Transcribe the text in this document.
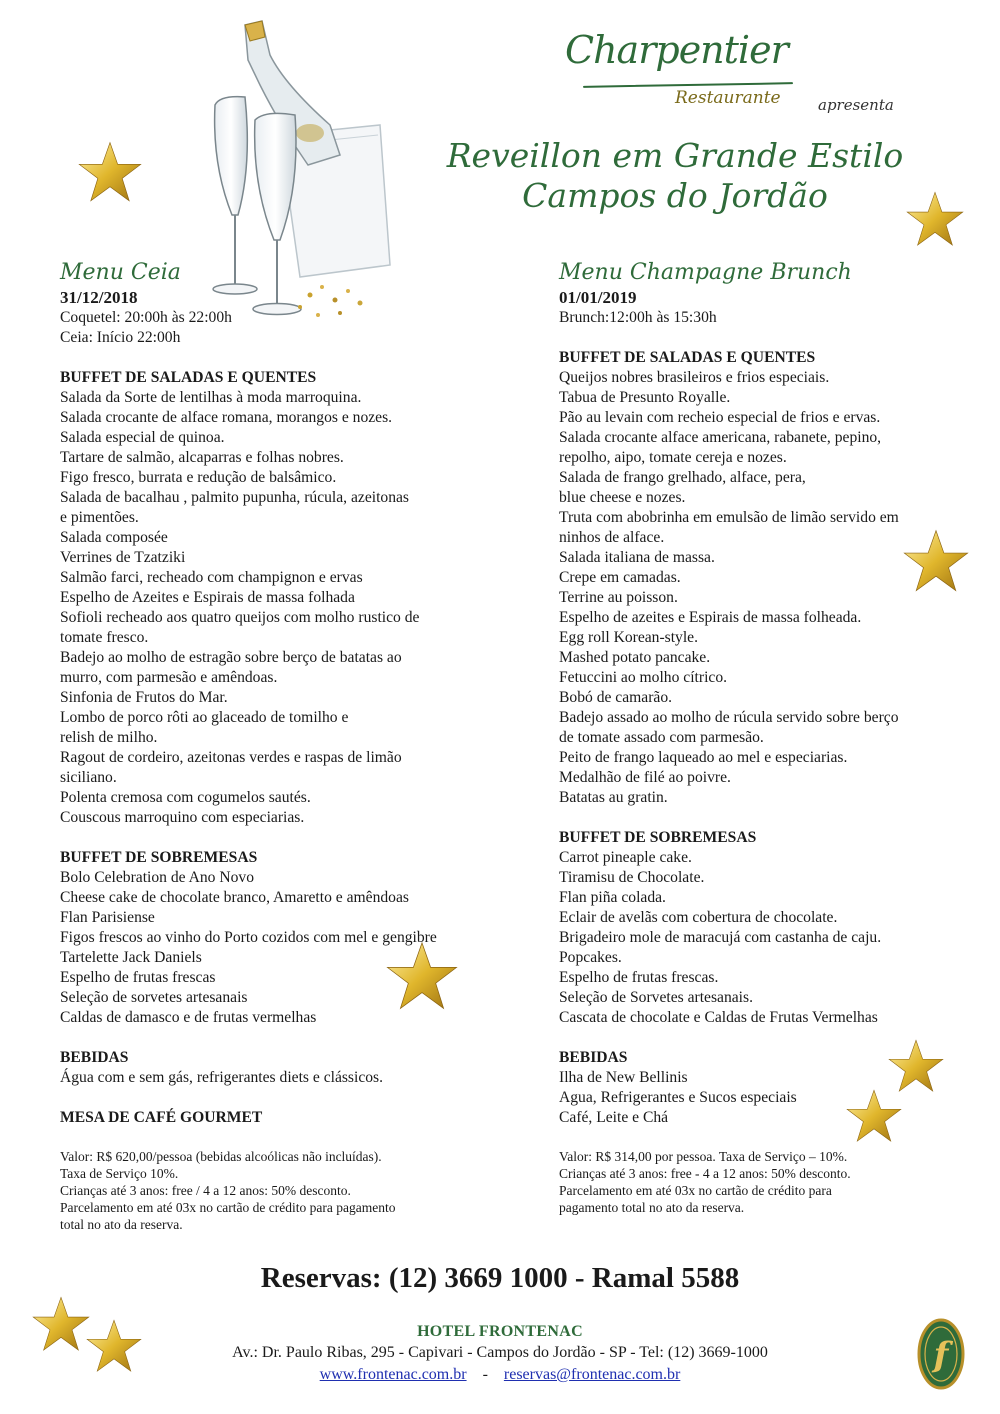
Charpentier
Restaurante apresenta
Reveillon em Grande Estilo
Campos do Jordão
Menu Ceia
31/12/2018
Coquetel: 20:00h às 22:00h
Ceia: Início 22:00h
BUFFET DE SALADAS E QUENTES
Salada da Sorte de lentilhas à moda marroquina.
Salada crocante de alface romana, morangos e nozes.
Salada especial de quinoa.
Tartare de salmão, alcaparras e folhas nobres.
Figo fresco, burrata e redução de balsâmico.
Salada de bacalhau , palmito pupunha, rúcula, azeitonas
e pimentões.
Salada composée
Verrines de Tzatziki
Salmão farci, recheado com champignon e ervas
Espelho de Azeites e Espirais de massa folhada
Sofioli recheado aos quatro queijos com molho rustico de
tomate fresco.
Badejo ao molho de estragão sobre berço de batatas ao
murro, com parmesão e amêndoas.
Sinfonia de Frutos do Mar.
Lombo de porco rôti ao glaceado de tomilho e
relish de milho.
Ragout de cordeiro, azeitonas verdes e raspas de limão
siciliano.
Polenta cremosa com cogumelos sautés.
Couscous marroquino com especiarias.
BUFFET DE SOBREMESAS
Bolo Celebration de Ano Novo
Cheese cake de chocolate branco, Amaretto e amêndoas
Flan Parisiense
Figos frescos ao vinho do Porto cozidos com mel e gengibre
Tartelette Jack Daniels
Espelho de frutas frescas
Seleção de sorvetes artesanais
Caldas de damasco e de frutas vermelhas
BEBIDAS
Água com e sem gás, refrigerantes diets e clássicos.
MESA DE CAFÉ GOURMET
Valor: R$ 620,00/pessoa (bebidas alcoólicas não incluídas).
Taxa de Serviço 10%.
Crianças até 3 anos: free / 4 a 12 anos: 50% desconto.
Parcelamento em até 03x no cartão de crédito para pagamento
total no ato da reserva.
Menu Champagne Brunch
01/01/2019
Brunch:12:00h às 15:30h
BUFFET DE SALADAS E QUENTES
Queijos nobres brasileiros e frios especiais.
Tabua de Presunto Royalle.
Pão au levain com recheio especial de frios e ervas.
Salada crocante alface americana, rabanete, pepino,
repolho, aipo, tomate cereja e nozes.
Salada de frango grelhado, alface, pera,
blue cheese e nozes.
Truta com abobrinha em emulsão de limão servido em
ninhos de alface.
Salada italiana de massa.
Crepe em camadas.
Terrine au poisson.
Espelho de azeites e Espirais de massa folheada.
Egg roll Korean-style.
Mashed potato pancake.
Fetuccini ao molho cítrico.
Bobó de camarão.
Badejo assado ao molho de rúcula servido sobre berço
de tomate assado com parmesão.
Peito de frango laqueado ao mel e especiarias.
Medalhão de filé ao poivre.
Batatas au gratin.
BUFFET DE SOBREMESAS
Carrot pineaple cake.
Tiramisu de Chocolate.
Flan piña colada.
Eclair de avelãs com cobertura de chocolate.
Brigadeiro mole de maracujá com castanha de caju.
Popcakes.
Espelho de frutas frescas.
Seleção de Sorvetes artesanais.
Cascata de chocolate e Caldas de Frutas Vermelhas
BEBIDAS
Ilha de New Bellinis
Agua, Refrigerantes e Sucos especiais
Café, Leite e Chá
Valor: R$ 314,00 por pessoa. Taxa de Serviço – 10%.
Crianças até 3 anos: free - 4 a 12 anos: 50% desconto.
Parcelamento em até 03x no cartão de crédito para
pagamento total no ato da reserva.
Reservas: (12) 3669 1000 - Ramal 5588
HOTEL FRONTENAC
Av.: Dr. Paulo Ribas, 295 - Capivari - Campos do Jordão - SP - Tel: (12) 3669-1000
www.frontenac.com.br - reservas@frontenac.com.br	f
